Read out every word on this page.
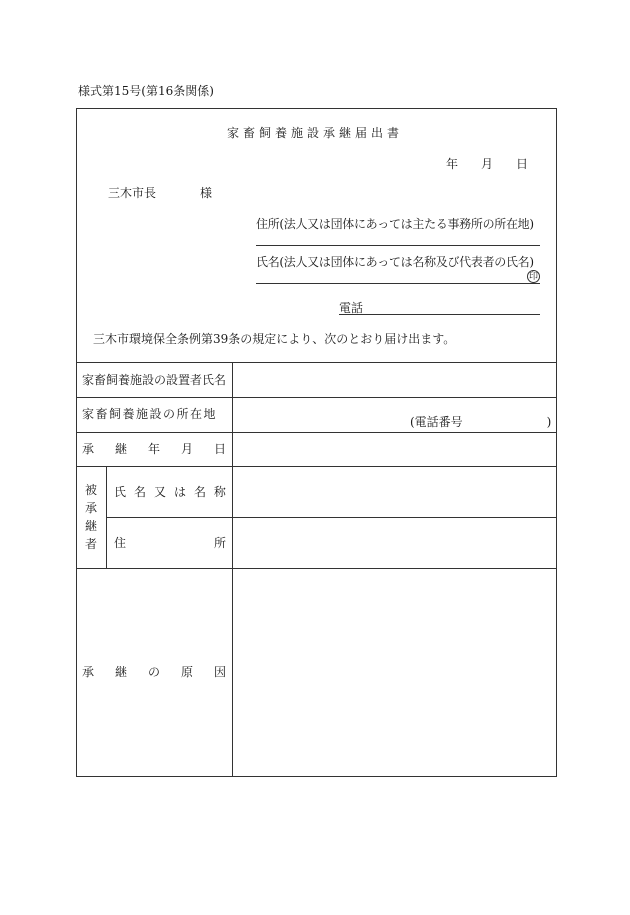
様式第15号(第16条関係)
家畜飼養施設承継届出書
年 月 日
三木市長	様
住所(法人又は団体にあっては主たる事務所の所在地)
氏名(法人又は団体にあっては名称及び代表者の氏名)
印
電話
三木市環境保全条例第39条の規定により、次のとおり届け出ます。
家畜飼養施設の設置者氏名
家畜飼養施設の所在地
(電話番号　　　　　　　)
承 継 年 月 日
被
承
継
者
氏 名 又 は 名 称
住	所
承 継 の 原 因
